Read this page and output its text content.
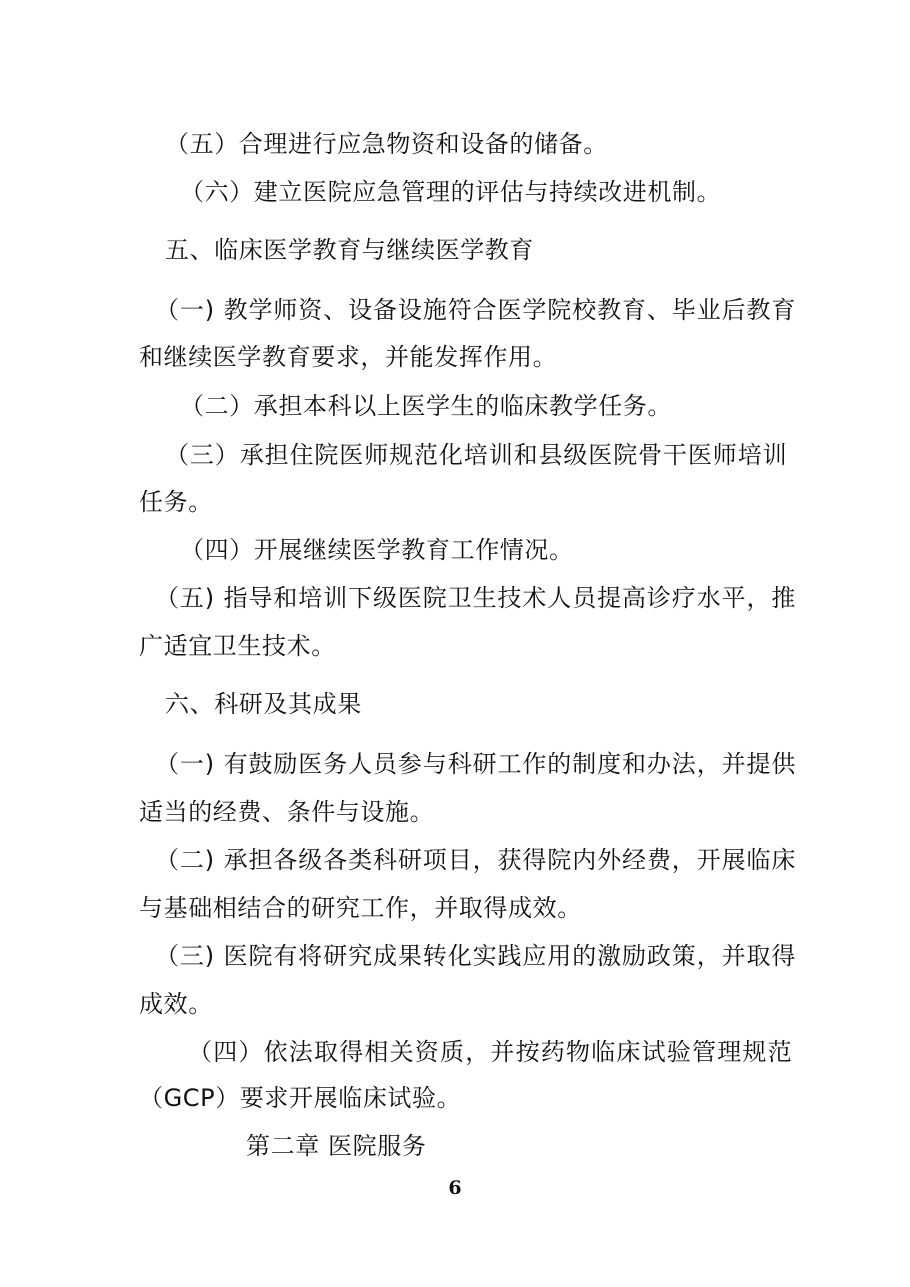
（五）合理进行应急物资和设备的储备。
（六）建立医院应急管理的评估与持续改进机制。
五、临床医学教育与继续医学教育
（一) 教学师资、设备设施符合医学院校教育、毕业后教育
和继续医学教育要求，并能发挥作用。
（二）承担本科以上医学生的临床教学任务。
（三）承担住院医师规范化培训和县级医院骨干医师培训
任务。
（四）开展继续医学教育工作情况。
（五) 指导和培训下级医院卫生技术人员提高诊疗水平，推
广适宜卫生技术。
六、科研及其成果
（一) 有鼓励医务人员参与科研工作的制度和办法，并提供
适当的经费、条件与设施。
（二) 承担各级各类科研项目，获得院内外经费，开展临床
与基础相结合的研究工作，并取得成效。
（三) 医院有将研究成果转化实践应用的激励政策，并取得
成效。
（四）依法取得相关资质，并按药物临床试验管理规范
（GCP）要求开展临床试验。
第二章 医院服务
6
